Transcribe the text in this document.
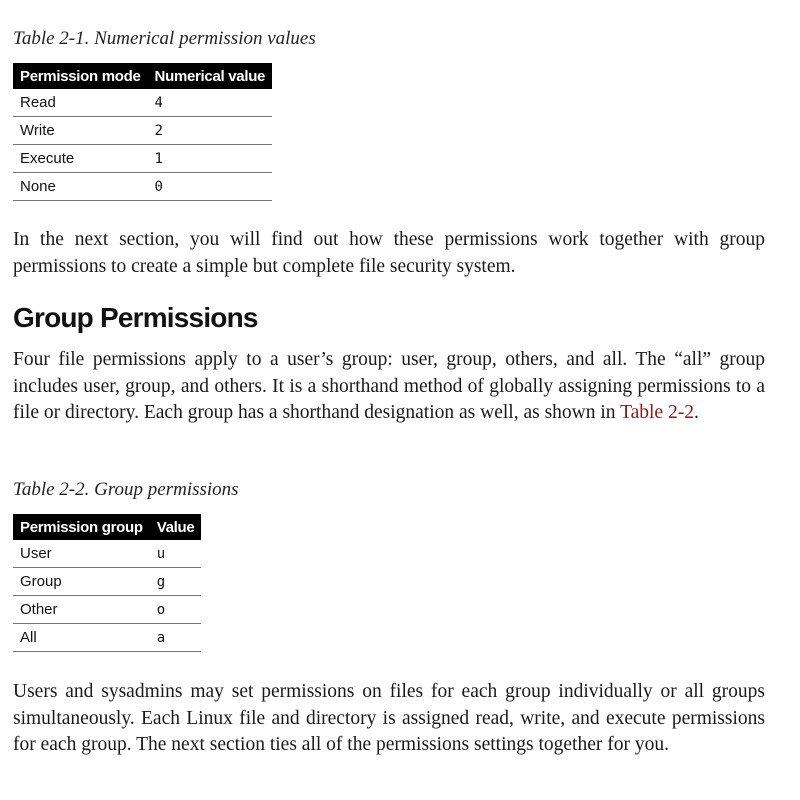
Table 2-1. Numerical permission values

Permission mode	Numerical value
Read	4
Write	2
Execute	1
None	0

In the next section, you will find out how these permissions work together with group permissions to create a simple but complete file security system.

Group Permissions

Four file permissions apply to a user’s group: user, group, others, and all. The “all” group includes user, group, and others. It is a shorthand method of globally assigning permissions to a file or directory. Each group has a shorthand designation as well, as shown in Table 2-2.

Table 2-2. Group permissions

Permission group	Value
User	u
Group	g
Other	o
All	a

Users and sysadmins may set permissions on files for each group individually or all groups simultaneously. Each Linux file and directory is assigned read, write, and execute permissions for each group. The next section ties all of the permissions settings together for you.
